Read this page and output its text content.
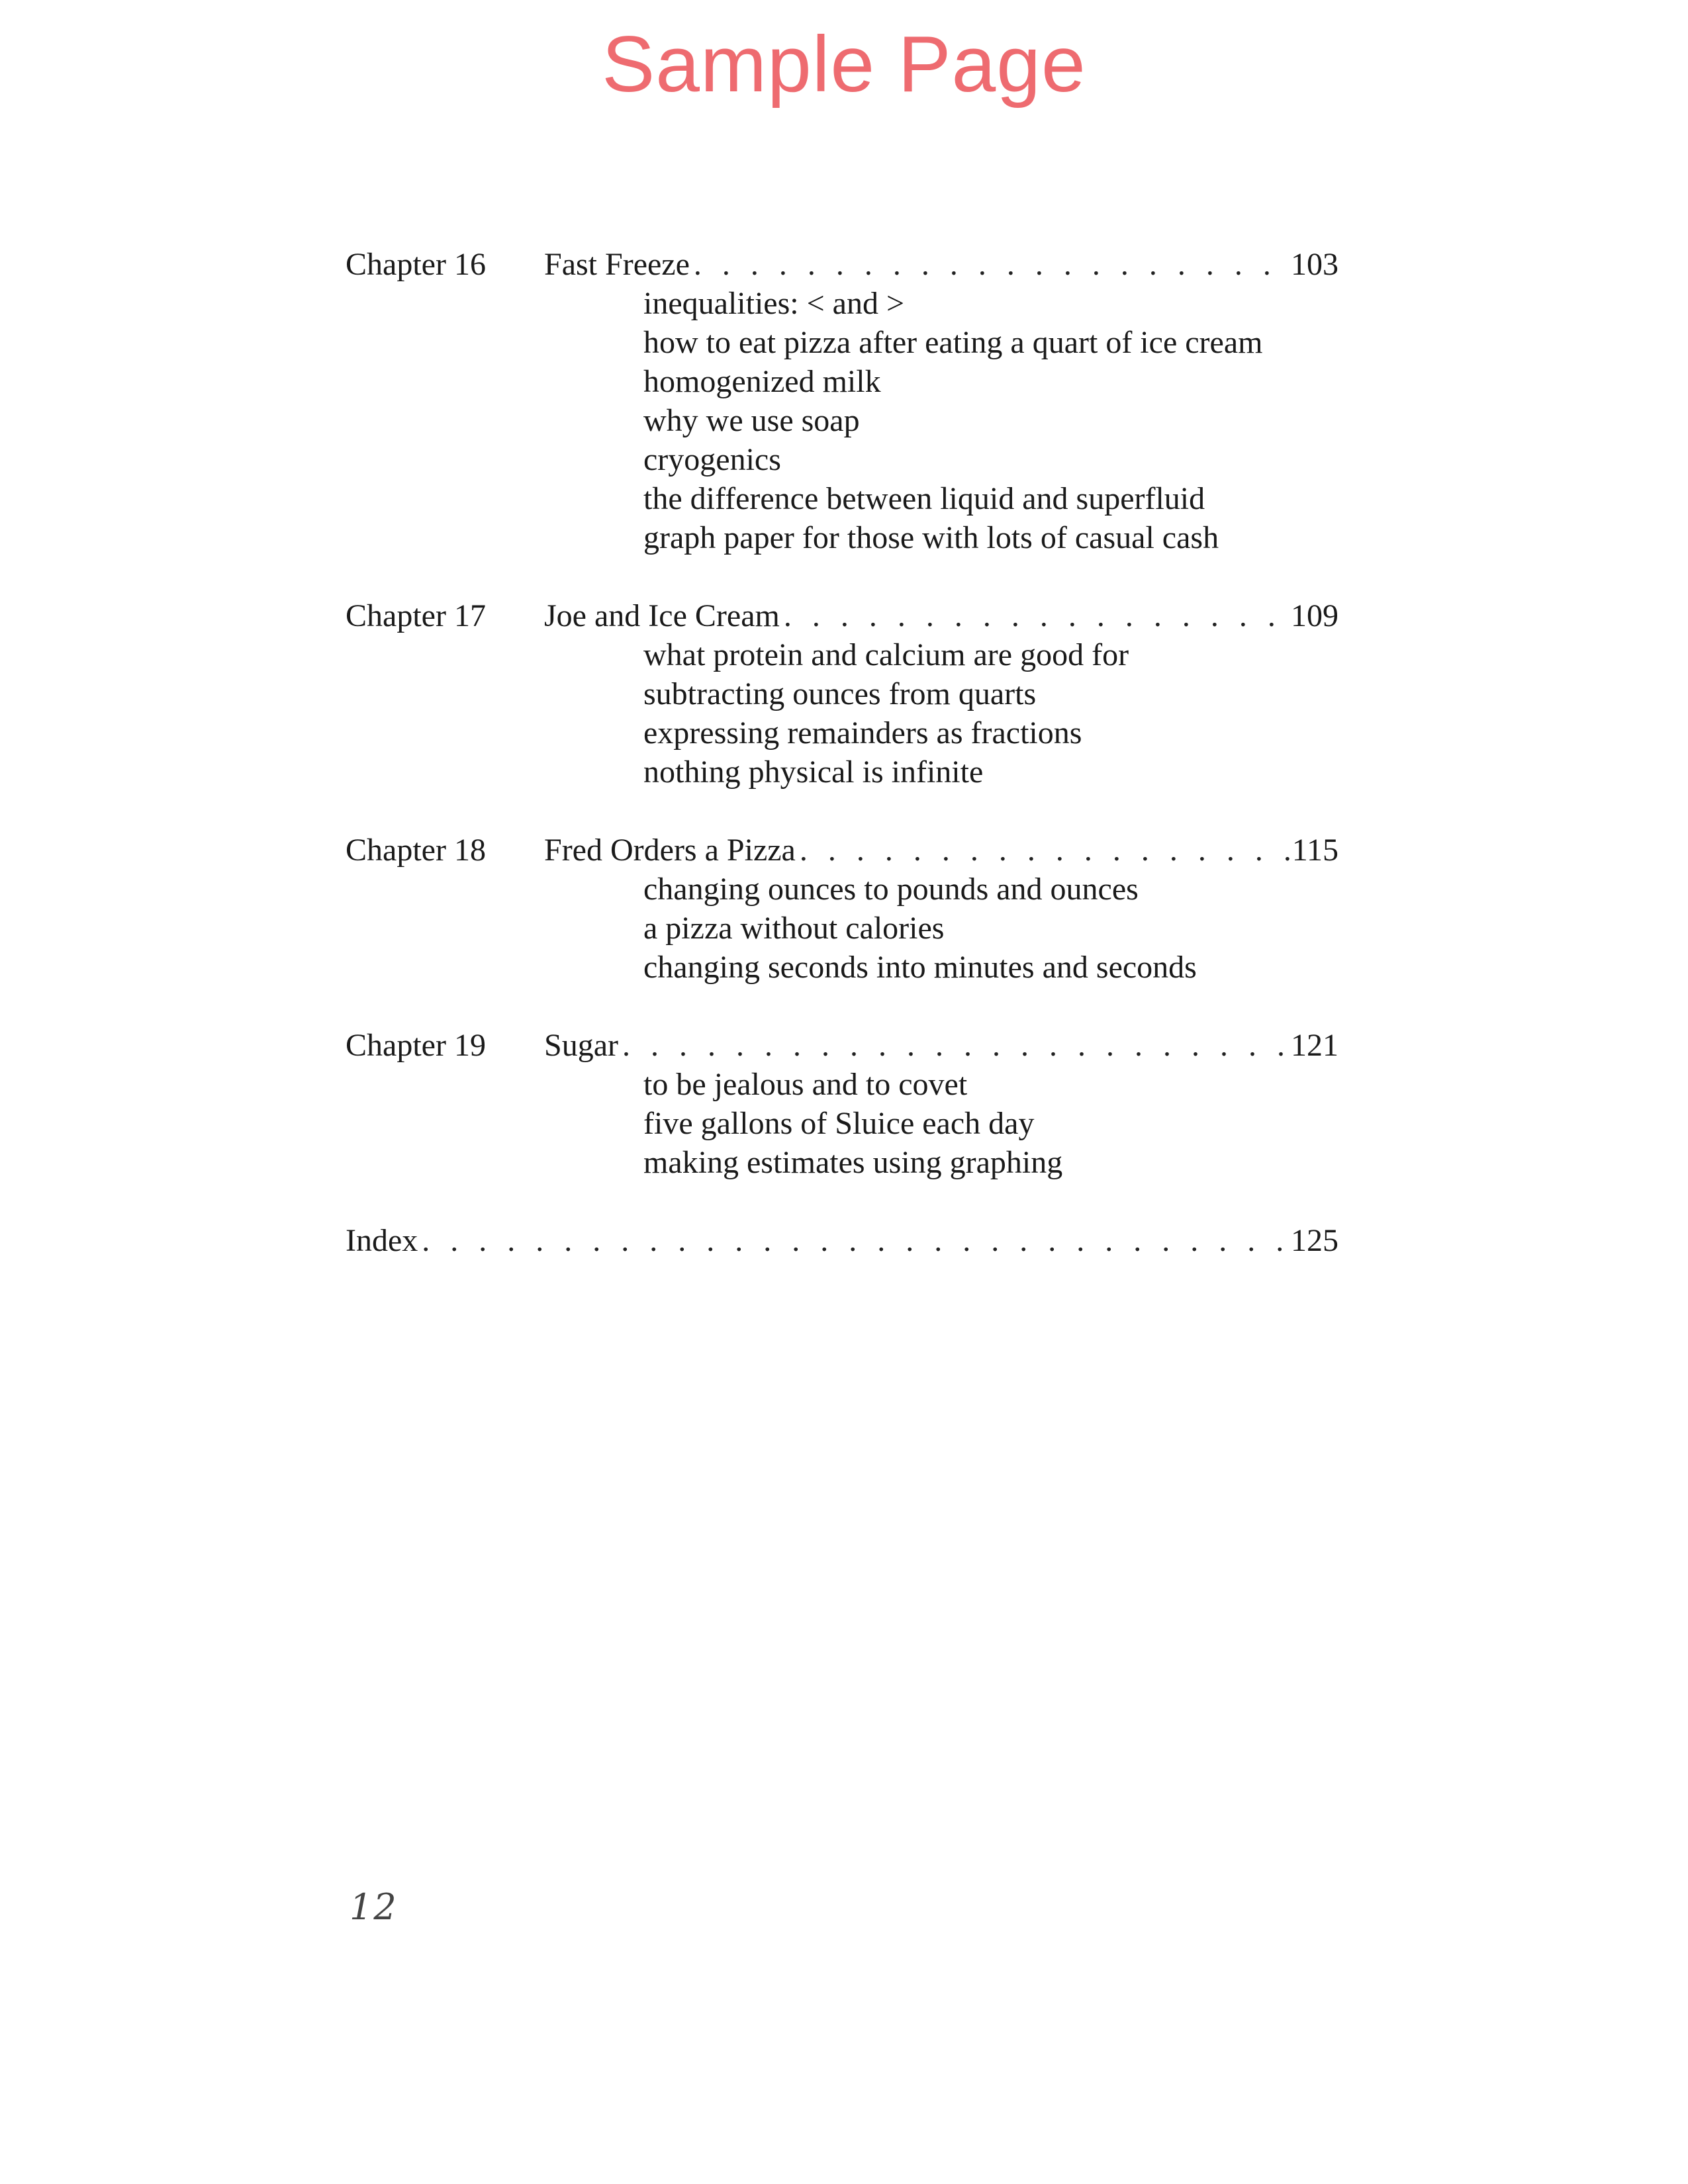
Sample Page
Chapter 16 Fast Freeze . . .	103
inequalities: < and >
how to eat pizza after eating a quart of ice cream
homogenized milk
why we use soap
cryogenics
the difference between liquid and superfluid
graph paper for those with lots of casual cash
Chapter 17 Joe and Ice Cream . . .	109
what protein and calcium are good for
subtracting ounces from quarts
expressing remainders as fractions
nothing physical is infinite
Chapter 18 Fred Orders a Pizza . . .	115
changing ounces to pounds and ounces
a pizza without calories
changing seconds into minutes and seconds
Chapter 19 Sugar . . .	121
to be jealous and to covet
five gallons of Sluice each day
making estimates using graphing
Index . . .	125
12
